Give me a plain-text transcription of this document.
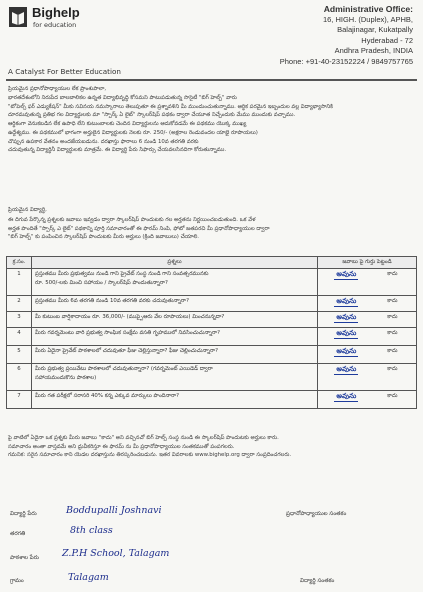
Bighelp
for education
A Catalyst For Better Education
Administrative Office:
16, HIGH. (Duplex), APHB,
Balajinagar, Kukatpally
Hyderabad - 72
Andhra Pradesh, INDIA
Phone: +91-40-23152224 / 9849757765
ప్రియమైన ప్రధానోపాధ్యాయుల లేక ప్రాంశుపాలా,
భారతదేశంలోని నిరుపేద బాలబాలికల ఉన్నత విద్యాభివృద్ధి కోసమని పాటుపడుతున్న సొసైటీ "బిగ్ హెల్ప్" వారు
"టోపెల్స్ ఫర్ ఎడ్యుకేషన్" మీకు సవినయ నమస్కారాలు తెలుపుతూ ఈ ప్రశ్నావళిని మీ ముందుంచుతున్నాము. ఆర్థిక పరమైన ఇబ్బందుల వల్ల విద్యాభ్యాసానికి
దూరమవుతున్న ప్రతిభ గల విద్యార్థులకు మా "స్పార్క్ ఏ లైట్" స్కాలర్‌షిప్ పథకం ద్వారా చేయూత నిచ్చేందుకు మేము ముందుకు వచ్చాము.
ఆర్థికంగా వెనుకబడిన లేక ఉపాధి లేని కుటుంబాలకు చెందిన విద్యార్థులను ఆదుకోవడమే ఈ పథకము యొక్క ముఖ్య
ఉద్దేశ్యము. ఈ పథకములో భాగంగా అర్హులైన విద్యార్థులకు నెలకు రూ. 250/- (అక్షరాల రెండువందల యాభై రూపాయలు)
చొప్పున ఉపకార వేతనం అందజేయబడును. దరఖాస్తు ఫారాలు 6 నుండి 10వ తరగతి వరకు
చదువుతున్న విద్యార్థినీ విద్యార్థులకు మాత్రమే. ఈ విద్యార్థి పేరు సిఫార్సు చేయవలసినదిగా కోరుతున్నాము.
ప్రియమైన విద్యార్థి,
ఈ దిగువ పేర్కొన్న ప్రశ్నలకు జవాబు ఇవ్వడం ద్వారా స్కాలర్‌షిప్ పొందుటకు గల అర్హతను నిర్ణయించబడుతుంది. ఒక వేళ
అర్హత పొందితే "స్పార్క్ ఎ లైట్" పథకాన్ని పూర్తి సమాచారంతో ఈ ఫారమ్ నింపి, ఫోటో జతపరచి మీ ప్రధానోపాధ్యాయుల ద్వారా
"బిగ్ హెల్ప్" కు పంపించిన స్కాలర్‌షిప్ పొందుటకు మీరు అర్హులు (క్రింది జవాబులు) చేయాలి.
క్ర.సం.	ప్రశ్నలు	జవాబు పై గుర్తు పెట్టండి
1	ప్రస్తుతము మీరు ప్రభుత్వము నుండి గాని ప్రైవేట్ సంస్థ నుండి గాని సంవత్సరమునకు
రూ. 500/-లకు మించి సహాయం / స్కాలర్‌షిప్ పొందుతున్నారా?	అవును కాదు

2	ప్రస్తుతము మీరు 6వ తరగతి నుండి 10వ తరగతి వరకు చదువుతున్నారా?	అవును కాదు

3	మీ కుటుంబ వార్షికాదాయం రూ. 36,000/- (ముప్పైఆరు వేల రూపాయలు) మించనున్నదా?	అవును కాదు

4	మీరు గవర్నమెంటు వారి ప్రభుత్వ సాంఘిక సంక్షేమ వసతి గృహములో నివసించుచున్నారా?	అవును కాదు

5	మీరు ఏదైనా ప్రైవేట్ పాఠశాలలో చదువుతూ ఫీజు చెల్లిస్తున్నారా? ఫీజు చెల్లించుచున్నారా?	అవును కాదు

6	మీరు ప్రభుత్వ ప్రయివేటు పాఠశాలలో చదువుతున్నారా? (గవర్నమెంట్ ఎయిడెడ్ ద్వారా
సహాయమందుకొను పాఠశాల)	అవును కాదు

7	మీరు గత పరీక్షలో సరాసరి 40% కన్న ఎక్కువ మార్కులు పొందినారా?	అవును కాదు
పై వాటిలో ఏదైనా ఒక ప్రశ్నకు మీరు జవాబు "కాదు" అని వచ్చినచో బిగ్ హెల్ప్ సంస్థ నుండి ఈ స్కాలర్‌షిప్ పొందుటకు అర్హులు కారు.
సమాచారం అంతా వాస్తవమే అని ధ్రువీకరిస్తూ ఈ ఫారమ్ ను మీ ప్రధానోపాధ్యాయుల సంతకముతో పంపగలరు.
గమనిక: సరైన సమాచారం కాని యెడల దరఖాస్తును తిరస్కరించబడును. ఇతర వివరాలకు www.bighelp.org ద్వారా సంప్రదించగలరు.
విద్యార్థి పేరు	Boddupalli Joshnavi
తరగతి	8th class
పాఠశాల పేరు Z.P.H School, Talagam
గ్రామం	Talagam
ప్రధానోపాధ్యాయుల సంతకం
విద్యార్థి సంతకం
